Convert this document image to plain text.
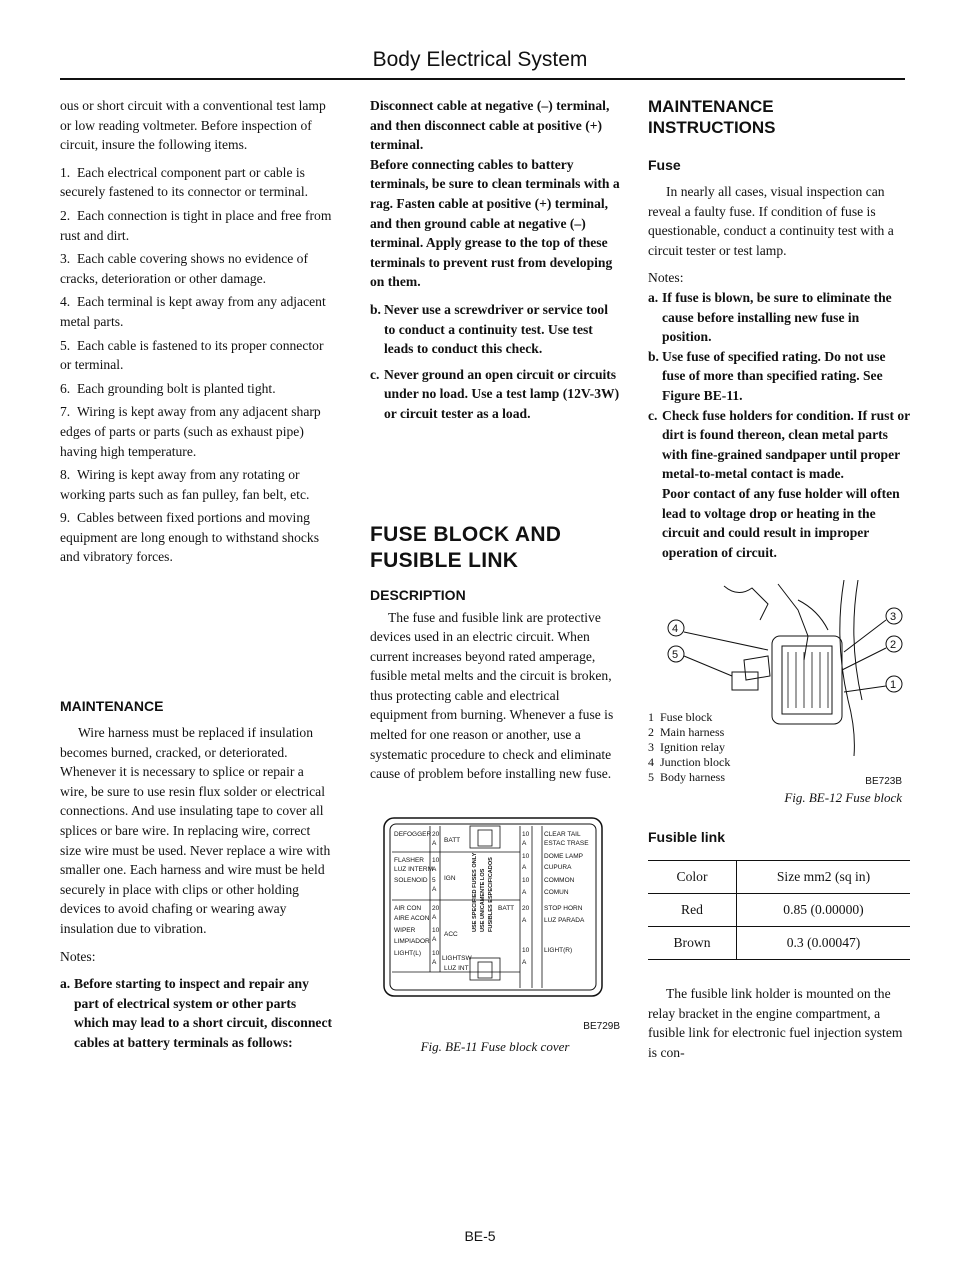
Body Electrical System

ous or short circuit with a conventional test lamp or low reading voltmeter. Before inspection of circuit, insure the following items.

1. Each electrical component part or cable is securely fastened to its connector or terminal.
2. Each connection is tight in place and free from rust and dirt.
3. Each cable covering shows no evidence of cracks, deterioration or other damage.
4. Each terminal is kept away from any adjacent metal parts.
5. Each cable is fastened to its proper connector or terminal.
6. Each grounding bolt is planted tight.
7. Wiring is kept away from any adjacent sharp edges of parts or parts (such as exhaust pipe) having high temperature.
8. Wiring is kept away from any rotating or working parts such as fan pulley, fan belt, etc.
9. Cables between fixed portions and moving equipment are long enough to withstand shocks and vibratory forces.
MAINTENANCE

Wire harness must be replaced if insulation becomes burned, cracked, or deteriorated. Whenever it is necessary to splice or repair a wire, be sure to use resin flux solder or electrical connections. And use insulating tape to cover all splices or bare wire. In replacing wire, correct size wire must be used. Never replace a wire with smaller one. Each harness and wire must be held securely in place with clips or other holding devices to avoid chafing or wearing away insulation due to vibration.

Notes:

a. Before starting to inspect and repair any part of electrical system or other parts which may lead to a short circuit, disconnect cables at battery terminals as follows:

Disconnect cable at negative (–) terminal, and then disconnect cable at positive (+) terminal.

Before connecting cables to battery terminals, be sure to clean terminals with a rag. Fasten cable at positive (+) terminal, and then ground cable at negative (–) terminal. Apply grease to the top of these terminals to prevent rust from developing on them.

b. Never use a screwdriver or service tool to conduct a continuity test. Use test leads to conduct this check.
c. Never ground an open circuit or circuits under no load. Use a test lamp (12V-3W) or circuit tester as a load.
FUSE BLOCK AND
FUSIBLE LINK
DESCRIPTION

The fuse and fusible link are protective devices used in an electric circuit. When current increases beyond rated amperage, fusible metal melts and the circuit is broken, thus protecting cable and electrical equipment from burning. Whenever a fuse is melted for one reason or another, use a systematic procedure to check and eliminate cause of problem before installing new fuse.

DEFOGGER 20
A
FLASHER 10
A
LUZ INTERM
SOLENOID 5
A
AIR CON 20
A
AIRE ACON
WIPER	10
A
LIMPIADOR
LIGHT(L) 10
A
BATT
IGN
ACC
BATT
LIGHTSW
LUZ INT
USE SPECIFIED FUSES ONLY USE UNICAMENTE LOS FUSIBLES ESPECIFICADOS
10
A
CLEAR TAIL
ESTAC TRASE
10
A
DOME LAMP
CUPURA
10
A
COMMON
COMUN
20
A
STOP HORN
LUZ PARADA
10
A
LIGHT(R)
BE729B
Fig. BE-11 Fuse block cover
MAINTENANCE INSTRUCTIONS
Fuse

In nearly all cases, visual inspection can reveal a faulty fuse. If condition of fuse is questionable, conduct a continuity test with a circuit tester or test lamp.

Notes:

a. If fuse is blown, be sure to eliminate the cause before installing new fuse in position.
b. Use fuse of specified rating. Do not use fuse of more than specified rating. See Figure BE-11.
c. Check fuse holders for condition. If rust or dirt is found thereon, clean metal parts with fine-grained sandpaper until proper metal-to-metal contact is made.

Poor contact of any fuse holder will often lead to voltage drop or heating in the circuit and could result in improper operation of circuit.

4
5
3
2
1
1 Fuse block
2 Main harness
3 Ignition relay
4 Junction block
5 Body harness	BE723B
Fig. BE-12 Fuse block
Fusible link
Color	Size mm2 (sq in)
Red	0.85 (0.00000)
Brown	0.3 (0.00047)

The fusible link holder is mounted on the relay bracket in the engine compartment, a fusible link for electronic fuel injection system is con-

BE-5
